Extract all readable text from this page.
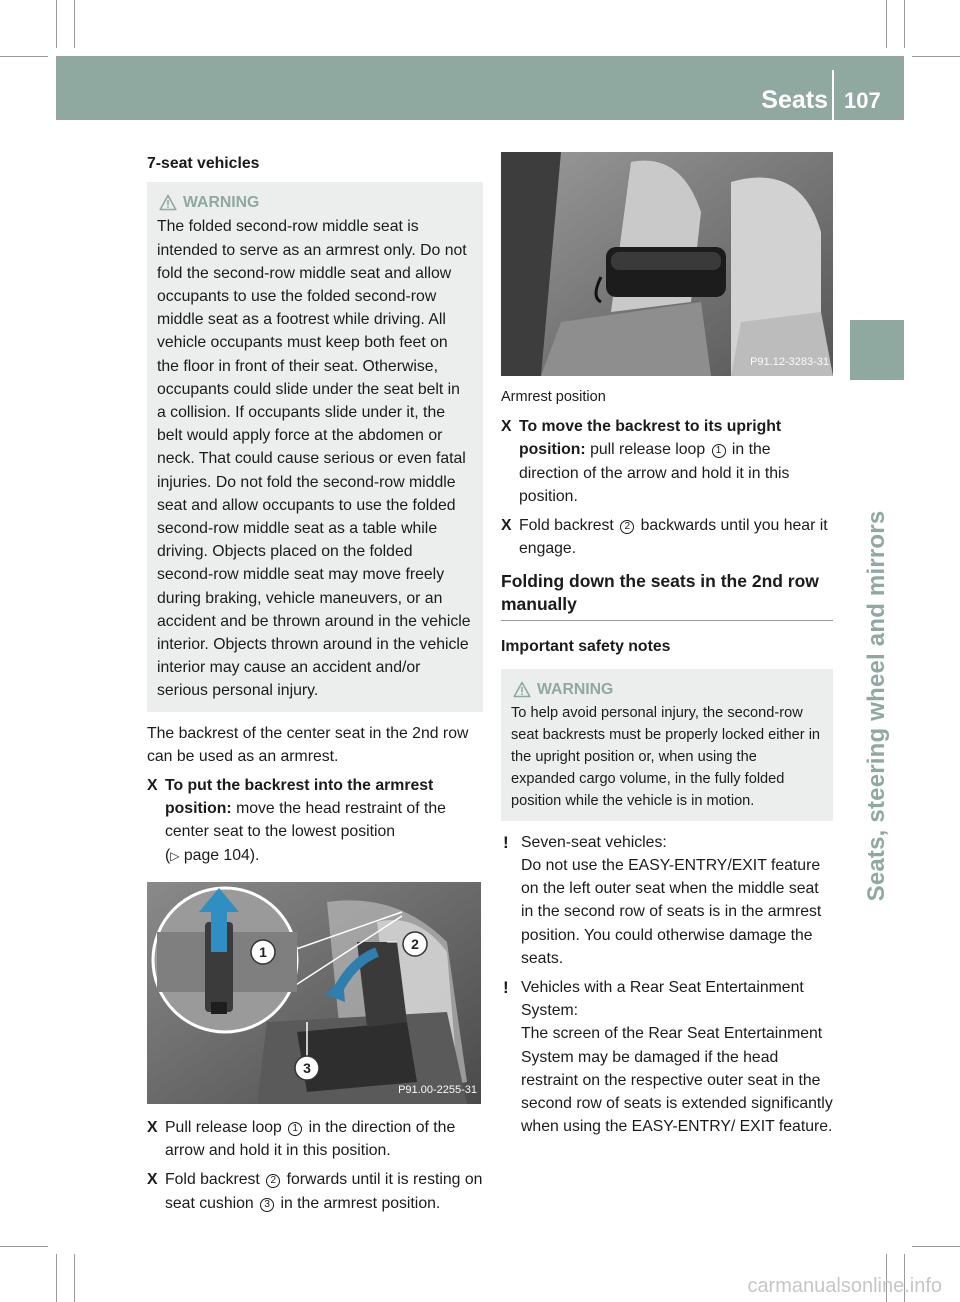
Seats 107
Seats, steering wheel and mirrors
7-seat vehicles
WARNING
The folded second-row middle seat is intended to serve as an armrest only. Do not fold the second-row middle seat and allow occupants to use the folded second-row middle seat as a footrest while driving. All vehicle occupants must keep both feet on the floor in front of their seat. Otherwise, occupants could slide under the seat belt in a collision. If occupants slide under it, the belt would apply force at the abdomen or neck. That could cause serious or even fatal injuries. Do not fold the second-row middle seat and allow occupants to use the folded second-row middle seat as a table while driving. Objects placed on the folded second-row middle seat may move freely during braking, vehicle maneuvers, or an accident and be thrown around in the vehicle interior. Objects thrown around in the vehicle interior may cause an accident and/or serious personal injury.

The backrest of the center seat in the 2nd row can be used as an armrest.

X To put the backrest into the armrest position: move the head restraint of the center seat to the lowest position
(▷ page 104).
1	2
3
P91.00-2255-31
X Pull release loop 1 in the direction of the arrow and hold it in this position.
X Fold backrest 2 forwards until it is resting on seat cushion 3 in the armrest position.
P91.12-3283-31
Armrest position
X To move the backrest to its upright position: pull release loop 1 in the direction of the arrow and hold it in this position.
X Fold backrest 2 backwards until you hear it engage.
Folding down the seats in the 2nd row manually
Important safety notes
WARNING
To help avoid personal injury, the second-row seat backrests must be properly locked either in the upright position or, when using the expanded cargo volume, in the fully folded position while the vehicle is in motion.
! Seven-seat vehicles:
Do not use the EASY-ENTRY/EXIT feature on the left outer seat when the middle seat in the second row of seats is in the armrest position. You could otherwise damage the seats.
! Vehicles with a Rear Seat Entertainment System:
The screen of the Rear Seat Entertainment System may be damaged if the head restraint on the respective outer seat in the second row of seats is extended significantly when using the EASY-ENTRY/ EXIT feature.
carmanualsonline.info
